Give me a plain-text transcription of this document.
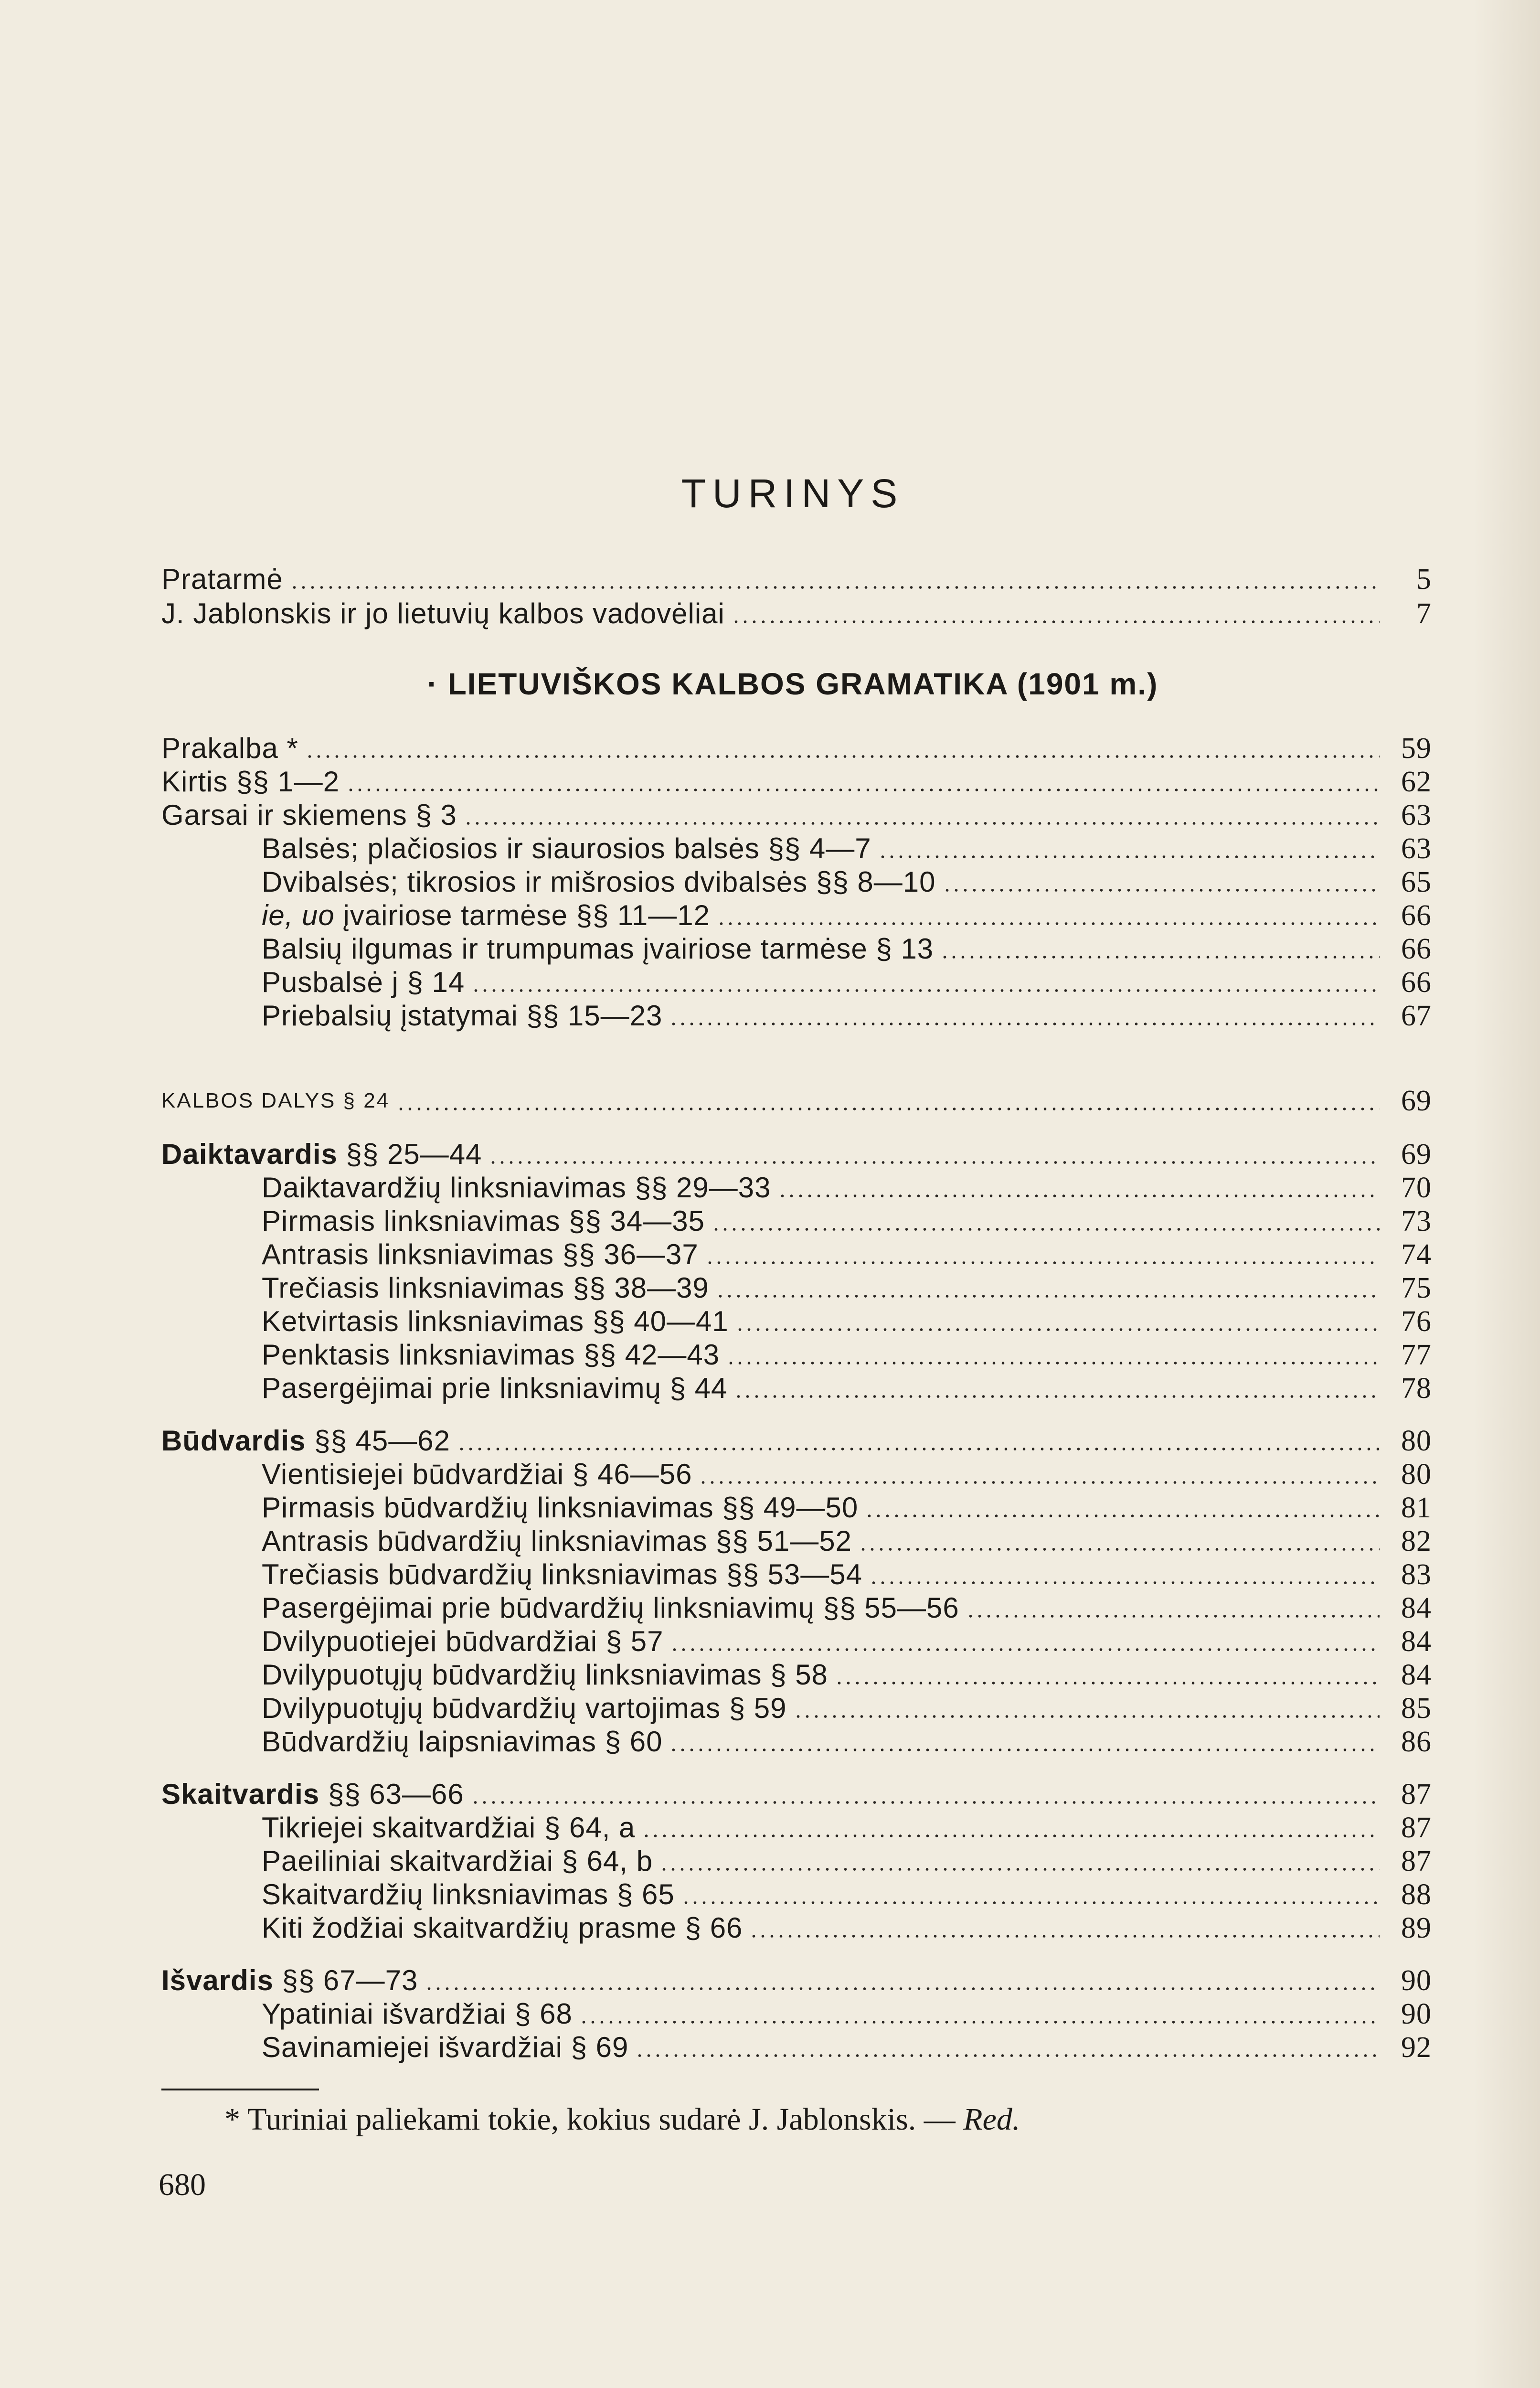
TURINYS
Pratarmė	5
J. Jablonskis ir jo lietuvių kalbos vadovėliai	7
· LIETUVIŠKOS KALBOS GRAMATIKA (1901 m.)
Prakalba *	59
Kirtis §§ 1—2	62
Garsai ir skiemens § 3	63
Balsės; plačiosios ir siaurosios balsės §§ 4—7	63
Dvibalsės; tikrosios ir mišrosios dvibalsės §§ 8—10	65
ie, uo įvairiose tarmėse §§ 11—12	66
Balsių ilgumas ir trumpumas įvairiose tarmėse § 13	66
Pusbalsė j § 14	66
Priebalsių įstatymai §§ 15—23	67
KALBOS DALYS § 24	69
Daiktavardis §§ 25—44	69
Daiktavardžių linksniavimas §§ 29—33	70
Pirmasis linksniavimas §§ 34—35	73
Antrasis linksniavimas §§ 36—37	74
Trečiasis linksniavimas §§ 38—39	75
Ketvirtasis linksniavimas §§ 40—41	76
Penktasis linksniavimas §§ 42—43	77
Pasergėjimai prie linksniavimų § 44	78
Būdvardis §§ 45—62	80
Vientisiejei būdvardžiai § 46—56	80
Pirmasis būdvardžių linksniavimas §§ 49—50	81
Antrasis būdvardžių linksniavimas §§ 51—52	82
Trečiasis būdvardžių linksniavimas §§ 53—54	83
Pasergėjimai prie būdvardžių linksniavimų §§ 55—56	84
Dvilypuotiejei būdvardžiai § 57	84
Dvilypuotųjų būdvardžių linksniavimas § 58	84
Dvilypuotųjų būdvardžių vartojimas § 59	85
Būdvardžių laipsniavimas § 60	86
Skaitvardis §§ 63—66	87
Tikriejei skaitvardžiai § 64, a	87
Paeiliniai skaitvardžiai § 64, b	87
Skaitvardžių linksniavimas § 65	88
Kiti žodžiai skaitvardžių prasme § 66	89
Išvardis §§ 67—73	90
Ypatiniai išvardžiai § 68	90
Savinamiejei išvardžiai § 69	92
* Turiniai paliekami tokie, kokius sudarė J. Jablonskis. — Red.
680
